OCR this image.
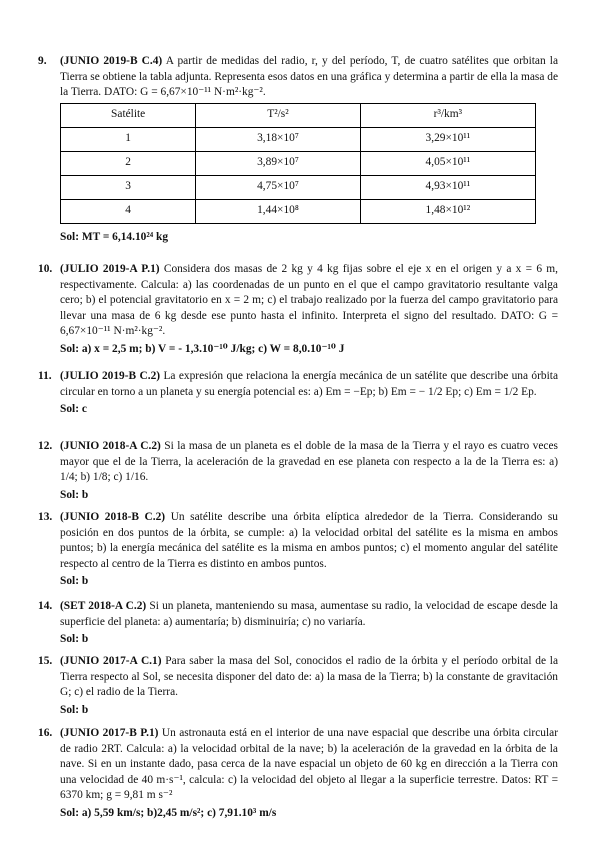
9. (JUNIO 2019-B C.4) A partir de medidas del radio, r, y del período, T, de cuatro satélites que orbitan la Tierra se obtiene la tabla adjunta. Representa esos datos en una gráfica y determina a partir de ella la masa de la Tierra. DATO: G = 6,67×10⁻¹¹ N·m²·kg⁻².

Satélite	T²/s²	r³/km³
1	3,18×10⁷	3,29×10¹¹
2	3,89×10⁷	4,05×10¹¹
3	4,75×10⁷	4,93×10¹¹
4	1,44×10⁸	1,48×10¹²
Sol: MT = 6,14.10²⁴ kg
10. (JULIO 2019-A P.1) Considera dos masas de 2 kg y 4 kg fijas sobre el eje x en el origen y a x = 6 m, respectivamente. Calcula: a) las coordenadas de un punto en el que el campo gravitatorio resultante valga cero; b) el potencial gravitatorio en x = 2 m; c) el trabajo realizado por la fuerza del campo gravitatorio para llevar una masa de 6 kg desde ese punto hasta el infinito. Interpreta el signo del resultado. DATO: G = 6,67×10⁻¹¹ N·m²·kg⁻².

Sol: a) x = 2,5 m; b) V = - 1,3.10⁻¹⁰ J/kg; c) W = 8,0.10⁻¹⁰ J
11. (JULIO 2019-B C.2) La expresión que relaciona la energía mecánica de un satélite que describe una órbita circular en torno a un planeta y su energía potencial es: a) Em = −Ep; b) Em = − 1/2 Ep; c) Em = 1/2 Ep.

Sol: c
12. (JUNIO 2018-A C.2) Si la masa de un planeta es el doble de la masa de la Tierra y el rayo es cuatro veces mayor que el de la Tierra, la aceleración de la gravedad en ese planeta con respecto a la de la Tierra es: a) 1/4; b) 1/8; c) 1/16.

Sol: b
13. (JUNIO 2018-B C.2) Un satélite describe una órbita elíptica alrededor de la Tierra. Considerando su posición en dos puntos de la órbita, se cumple: a) la velocidad orbital del satélite es la misma en ambos puntos; b) la energía mecánica del satélite es la misma en ambos puntos; c) el momento angular del satélite respecto al centro de la Tierra es distinto en ambos puntos.

Sol: b
14. (SET 2018-A C.2) Si un planeta, manteniendo su masa, aumentase su radio, la velocidad de escape desde la superficie del planeta: a) aumentaría; b) disminuiría; c) no variaría.

Sol: b
15. (JUNIO 2017-A C.1) Para saber la masa del Sol, conocidos el radio de la órbita y el período orbital de la Tierra respecto al Sol, se necesita disponer del dato de: a) la masa de la Tierra; b) la constante de gravitación G; c) el radio de la Tierra.

Sol: b
16. (JUNIO 2017-B P.1) Un astronauta está en el interior de una nave espacial que describe una órbita circular de radio 2RT. Calcula: a) la velocidad orbital de la nave; b) la aceleración de la gravedad en la órbita de la nave. Si en un instante dado, pasa cerca de la nave espacial un objeto de 60 kg en dirección a la Tierra con una velocidad de 40 m·s⁻¹, calcula: c) la velocidad del objeto al llegar a la superficie terrestre. Datos: RT = 6370 km; g = 9,81 m s⁻²

Sol: a) 5,59 km/s; b)2,45 m/s²; c) 7,91.10³ m/s
